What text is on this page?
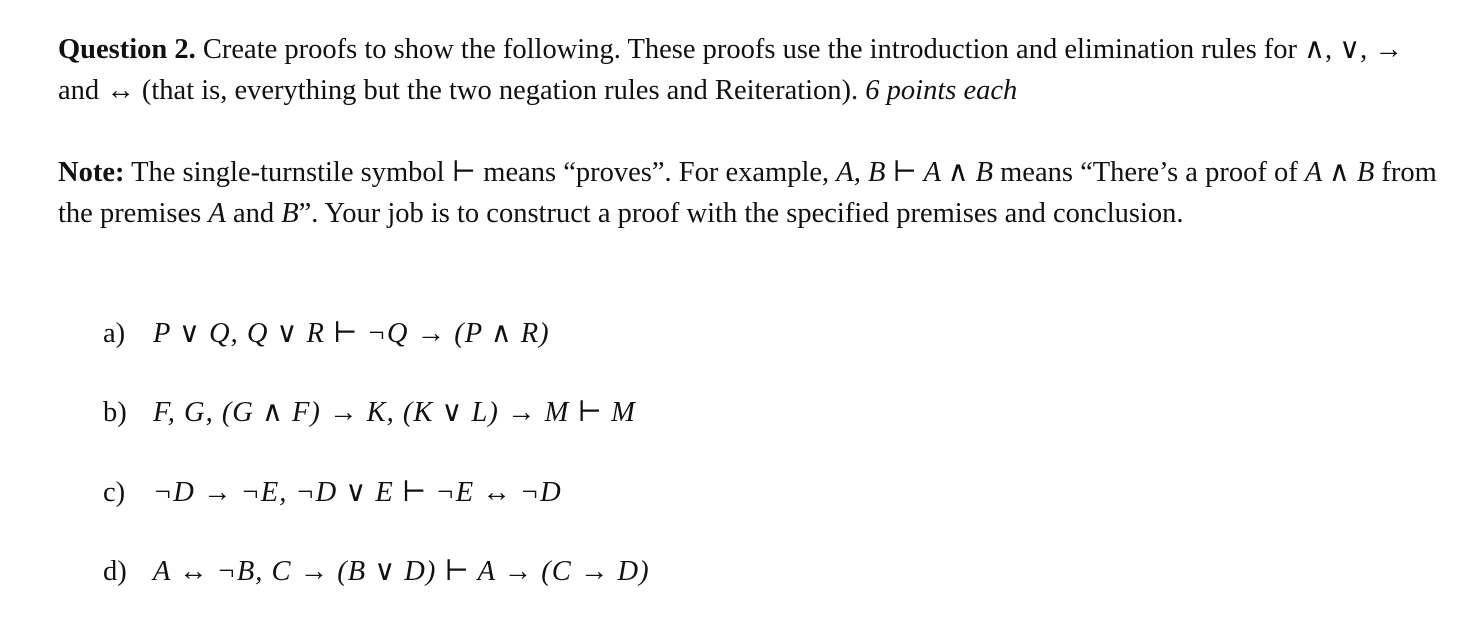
Question 2. Create proofs to show the following. These proofs use the introduction and elimination rules for ∧, ∨, → and ↔ (that is, everything but the two negation rules and Reiteration). 6 points each
Note: The single-turnstile symbol ⊢ means “proves”. For example, A, B ⊢ A ∧ B means “There’s a proof of A ∧ B from the premises A and B”. Your job is to construct a proof with the specified premises and conclusion.
a) P ∨ Q, Q ∨ R ⊢ ¬Q → (P ∧ R)
b) F, G, (G ∧ F) → K, (K ∨ L) → M ⊢ M
c) ¬D → ¬E, ¬D ∨ E ⊢ ¬E ↔ ¬D
d) A ↔ ¬B, C → (B ∨ D) ⊢ A → (C → D)
